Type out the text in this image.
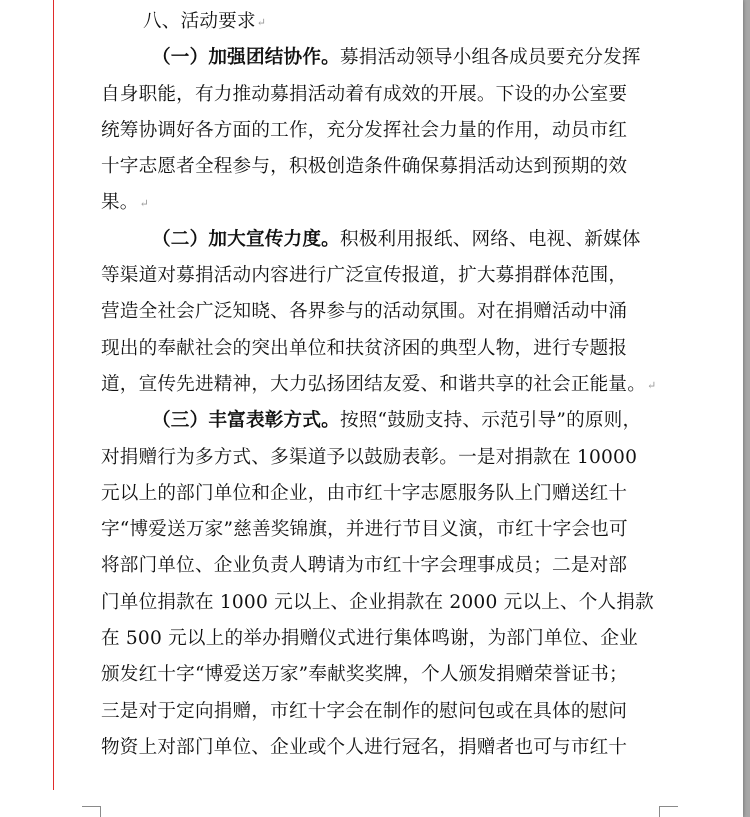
八、活动要求↵
（一）加强团结协作。募捐活动领导小组各成员要充分发挥
自身职能，有力推动募捐活动着有成效的开展。下设的办公室要
统筹协调好各方面的工作，充分发挥社会力量的作用，动员市红
十字志愿者全程参与，积极创造条件确保募捐活动达到预期的效
果。↵
（二）加大宣传力度。积极利用报纸、网络、电视、新媒体
等渠道对募捐活动内容进行广泛宣传报道，扩大募捐群体范围，
营造全社会广泛知晓、各界参与的活动氛围。对在捐赠活动中涌
现出的奉献社会的突出单位和扶贫济困的典型人物，进行专题报
道，宣传先进精神，大力弘扬团结友爱、和谐共享的社会正能量。↵
（三）丰富表彰方式。按照“鼓励支持、示范引导”的原则，
对捐赠行为多方式、多渠道予以鼓励表彰。一是对捐款在 10000
元以上的部门单位和企业，由市红十字志愿服务队上门赠送红十
字“博爱送万家”慈善奖锦旗，并进行节目义演，市红十字会也可
将部门单位、企业负责人聘请为市红十字会理事成员；二是对部
门单位捐款在 1000 元以上、企业捐款在 2000 元以上、个人捐款
在 500 元以上的举办捐赠仪式进行集体鸣谢，为部门单位、企业
颁发红十字“博爱送万家”奉献奖奖牌，个人颁发捐赠荣誉证书；
三是对于定向捐赠，市红十字会在制作的慰问包或在具体的慰问
物资上对部门单位、企业或个人进行冠名，捐赠者也可与市红十
